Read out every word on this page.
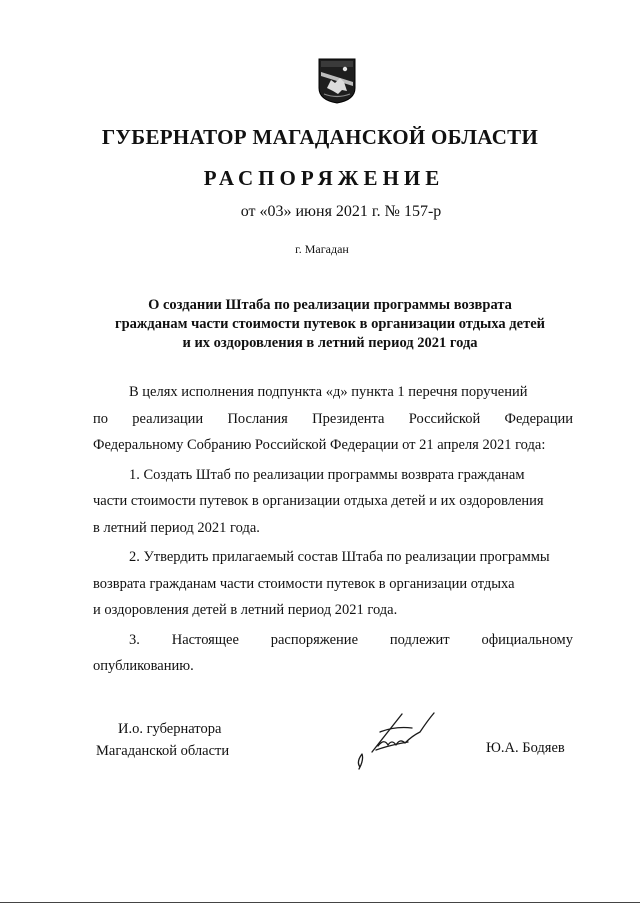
ГУБЕРНАТОР МАГАДАНСКОЙ ОБЛАСТИ
РАСПОРЯЖЕНИЕ
от «03» июня 2021 г. № 157-р
г. Магадан
О создании Штаба по реализации программы возврата
гражданам части стоимости путевок в организации отдыха детей
и их оздоровления в летний период 2021 года
В целях исполнения подпункта «д» пункта 1 перечня поручений
по реализации Послания Президента Российской Федерации
Федеральному Собранию Российской Федерации от 21 апреля 2021 года:
1. Создать Штаб по реализации программы возврата гражданам
части стоимости путевок в организации отдыха детей и их оздоровления
в летний период 2021 года.
2. Утвердить прилагаемый состав Штаба по реализации программы
возврата гражданам части стоимости путевок в организации отдыха
и оздоровления детей в летний период 2021 года.
3. Настоящее распоряжение подлежит официальному
опубликованию.
И.о. губернатора
Магаданской области	Ю.А. Бодяев
